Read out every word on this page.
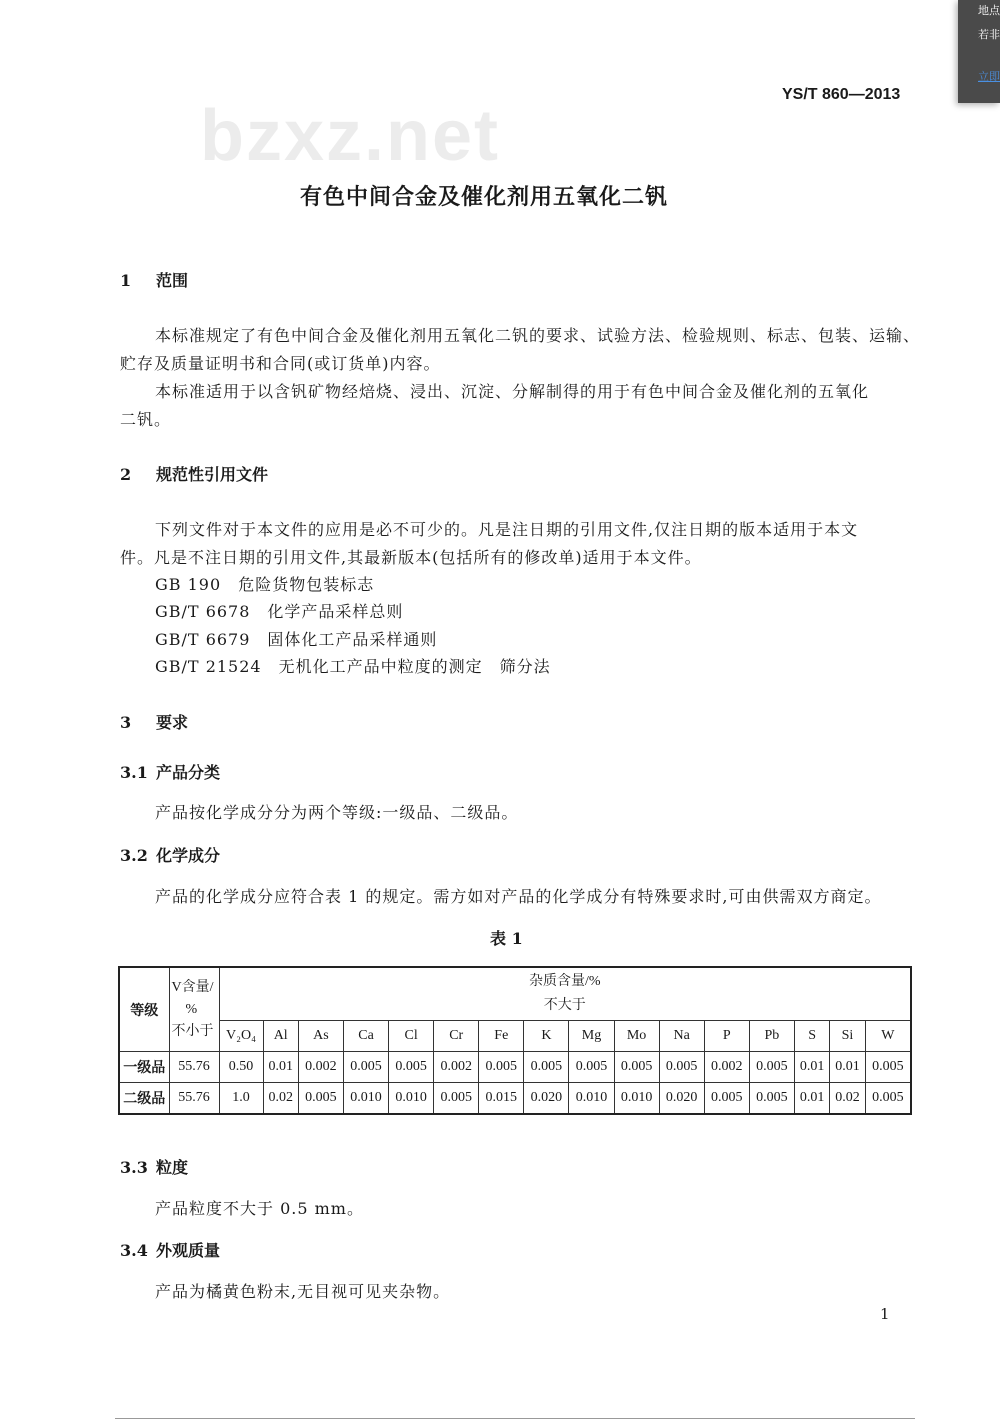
bzxz.net
YS/T 860—2013
有色中间合金及催化剂用五氧化二钒
1 范围
本标准规定了有色中间合金及催化剂用五氧化二钒的要求、试验方法、检验规则、标志、包装、运输、
贮存及质量证明书和合同(或订货单)内容。
本标准适用于以含钒矿物经焙烧、浸出、沉淀、分解制得的用于有色中间合金及催化剂的五氧化
二钒。
2 规范性引用文件
下列文件对于本文件的应用是必不可少的。凡是注日期的引用文件,仅注日期的版本适用于本文
件。凡是不注日期的引用文件,其最新版本(包括所有的修改单)适用于本文件。
GB 190　 危险货物包装标志
GB/T 6678　 化学产品采样总则
GB/T 6679　 固体化工产品采样通则
GB/T 21524　 无机化工产品中粒度的测定　筛分法
3 要求
3.1 产品分类
产品按化学成分分为两个等级:一级品、二级品。
3.2 化学成分
产品的化学成分应符合表 1 的规定。需方如对产品的化学成分有特殊要求时,可由供需双方商定。
表 1
等级	V含量/
%
不小于	杂质含量/%
不大于															
		V₂O₄	Al	As	Ca	Cl	Cr	Fe	K	Mg	Mo	Na	P	Pb	S	Si	W
一级品	55.76	0.50	0.01	0.002	0.005	0.005	0.002	0.005	0.005	0.005	0.005	0.005	0.002	0.005	0.01	0.01	0.005
二级品	55.76	1.0	0.02	0.005	0.010	0.010	0.005	0.015	0.020	0.010	0.010	0.020	0.005	0.005	0.01	0.02	0.005
3.3 粒度
产品粒度不大于 0.5 mm。
3.4 外观质量
产品为橘黄色粉末,无目视可见夹杂物。
1
地点
若非
立即
